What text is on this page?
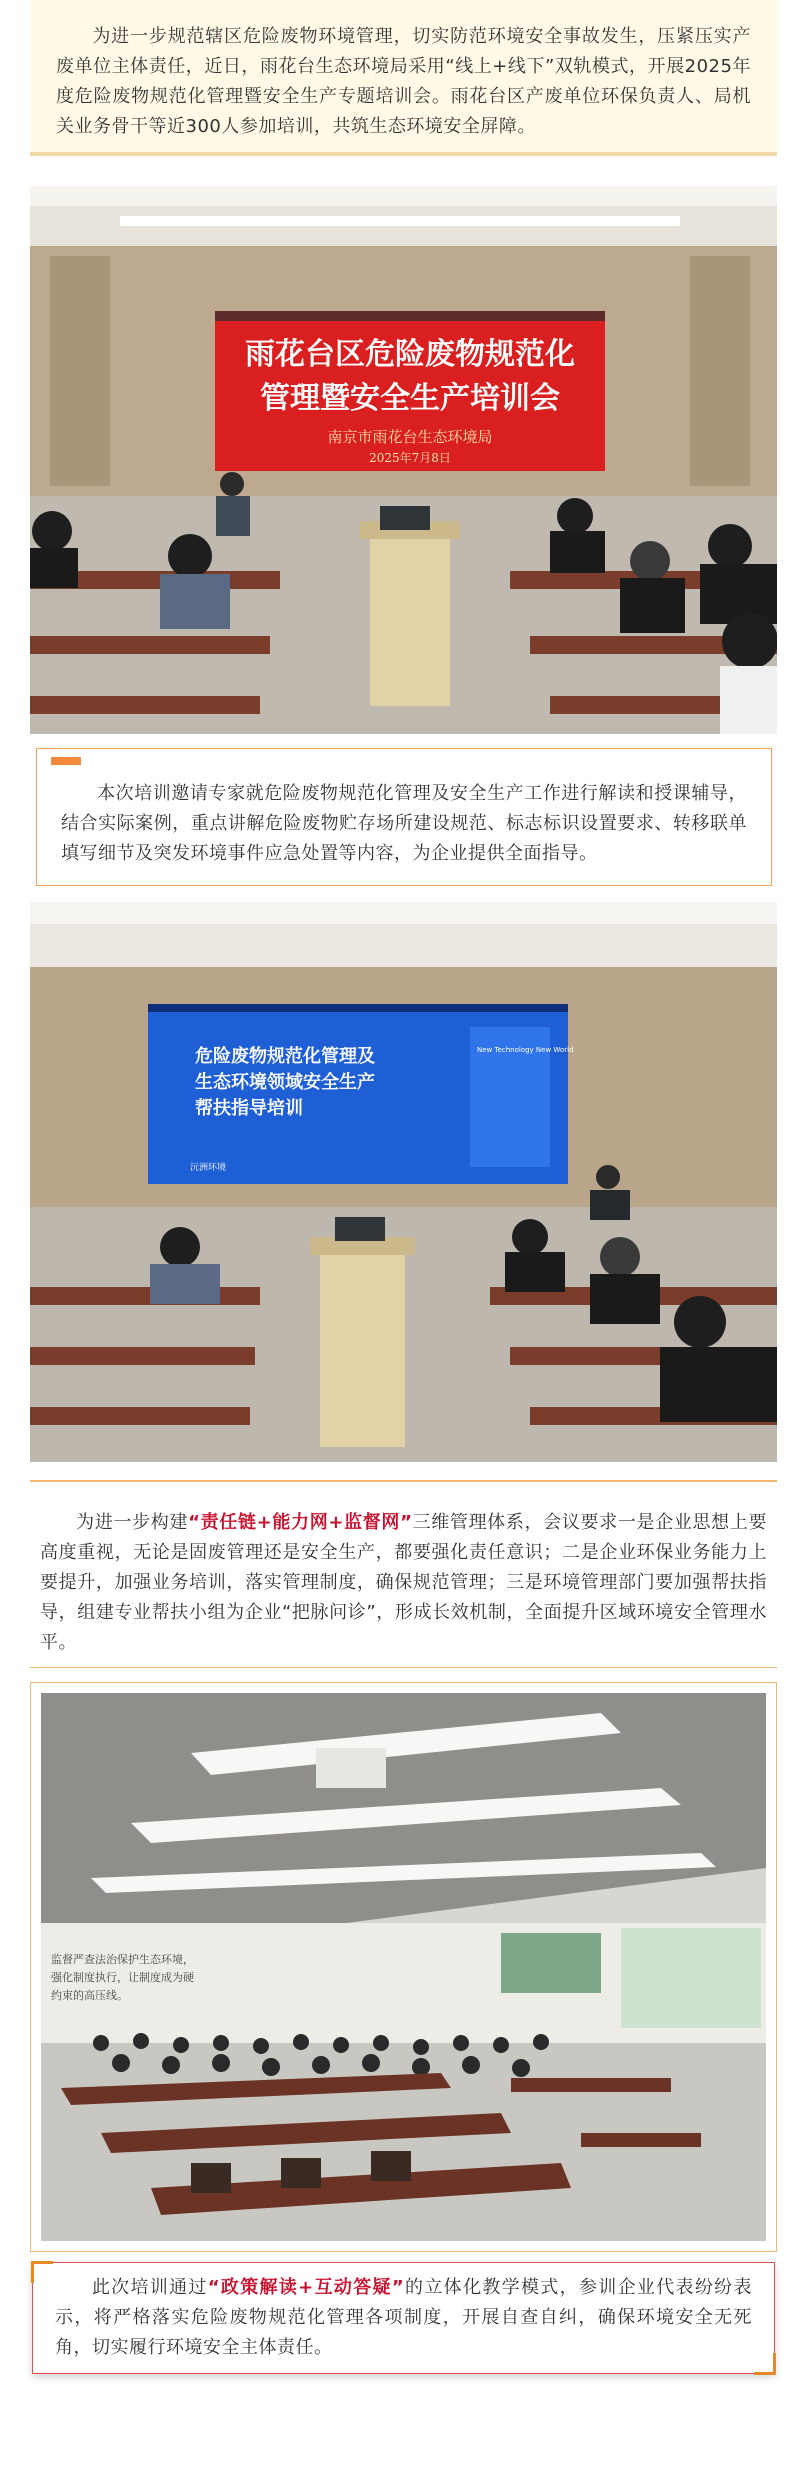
为进一步规范辖区危险废物环境管理，切实防范环境安全事故发生，压紧压实产废单位主体责任，近日，雨花台生态环境局采用“线上+线下”双轨模式，开展2025年度危险废物规范化管理暨安全生产专题培训会。雨花台区产废单位环保负责人、局机关业务骨干等近300人参加培训，共筑生态环境安全屏障。

雨花台区危险废物规范化
管理暨安全生产培训会
南京市雨花台生态环境局
2025年7月8日

本次培训邀请专家就危险废物规范化管理及安全生产工作进行解读和授课辅导，结合实际案例，重点讲解危险废物贮存场所建设规范、标志标识设置要求、转移联单填写细节及突发环境事件应急处置等内容，为企业提供全面指导。

危险废物规范化管理及
生态环境领域安全生产
帮扶指导培训
New Technology New World
沅洲环境

为进一步构建“责任链+能力网+监督网”三维管理体系，会议要求一是企业思想上要高度重视，无论是固废管理还是安全生产，都要强化责任意识；二是企业环保业务能力上要提升，加强业务培训，落实管理制度，确保规范管理；三是环境管理部门要加强帮扶指导，组建专业帮扶小组为企业“把脉问诊”，形成长效机制，全面提升区域环境安全管理水平。

监督严查法治保护生态环境，
强化制度执行，让制度成为硬
约束的高压线。

此次培训通过“政策解读+互动答疑”的立体化教学模式，参训企业代表纷纷表示，将严格落实危险废物规范化管理各项制度，开展自查自纠，确保环境安全无死角，切实履行环境安全主体责任。
